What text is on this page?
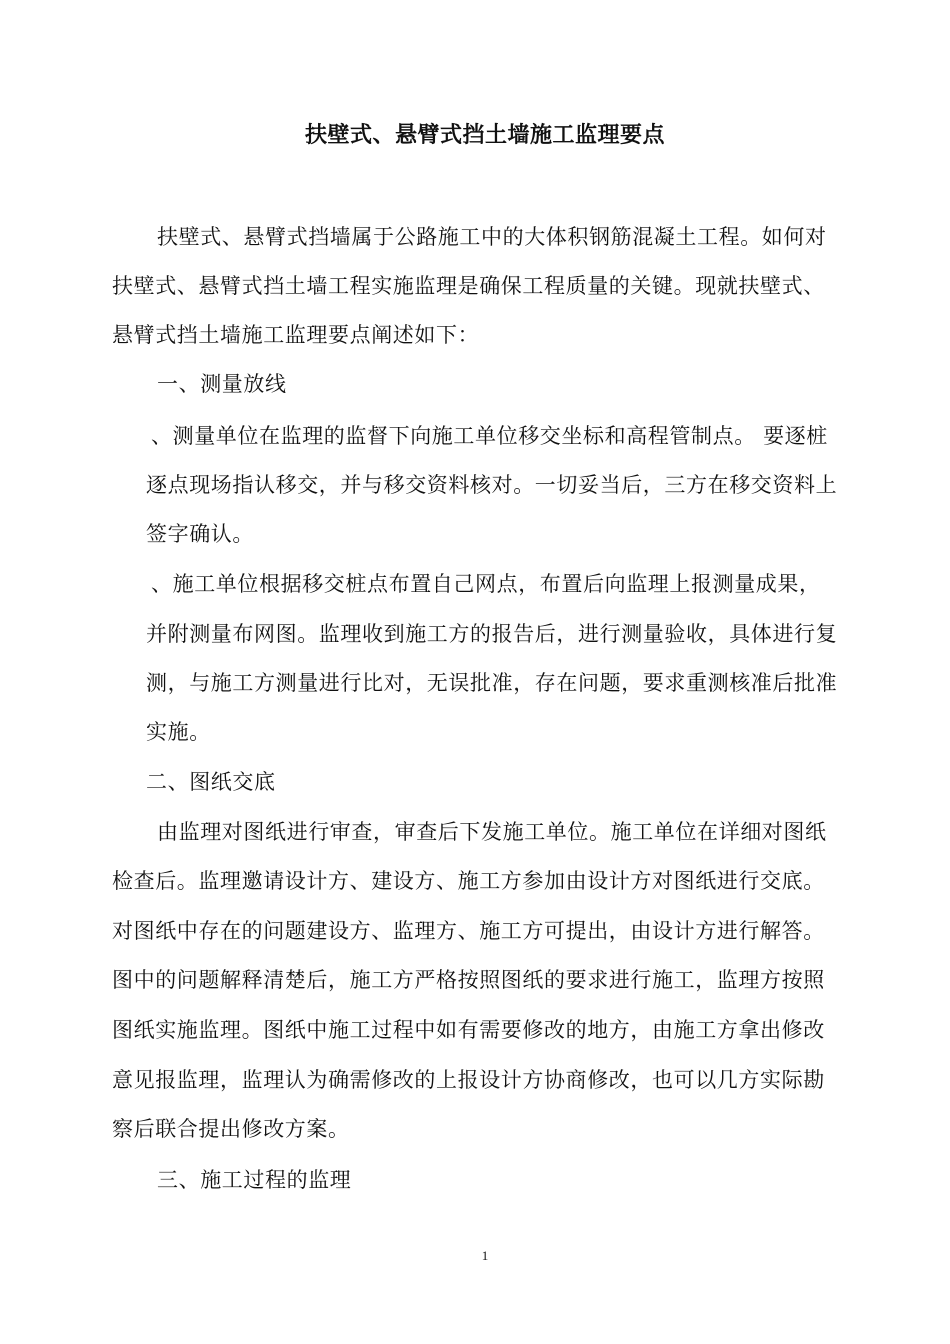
扶壁式、悬臂式挡土墙施工监理要点
扶壁式、悬臂式挡墙属于公路施工中的大体积钢筋混凝土工程。如何对
扶壁式、悬臂式挡土墙工程实施监理是确保工程质量的关键。现就扶壁式、
悬臂式挡土墙施工监理要点阐述如下：
一、测量放线
、测量单位在监理的监督下向施工单位移交坐标和高程管制点。 要逐桩
逐点现场指认移交，并与移交资料核对。一切妥当后，三方在移交资料上
签字确认。
、施工单位根据移交桩点布置自己网点，布置后向监理上报测量成果，
并附测量布网图。监理收到施工方的报告后，进行测量验收，具体进行复
测，与施工方测量进行比对，无误批准，存在问题，要求重测核准后批准
实施。
二、图纸交底
由监理对图纸进行审查，审查后下发施工单位。施工单位在详细对图纸
检查后。监理邀请设计方、建设方、施工方参加由设计方对图纸进行交底。
对图纸中存在的问题建设方、监理方、施工方可提出，由设计方进行解答。
图中的问题解释清楚后，施工方严格按照图纸的要求进行施工，监理方按照
图纸实施监理。图纸中施工过程中如有需要修改的地方，由施工方拿出修改
意见报监理，监理认为确需修改的上报设计方协商修改，也可以几方实际勘
察后联合提出修改方案。
三、施工过程的监理
1
